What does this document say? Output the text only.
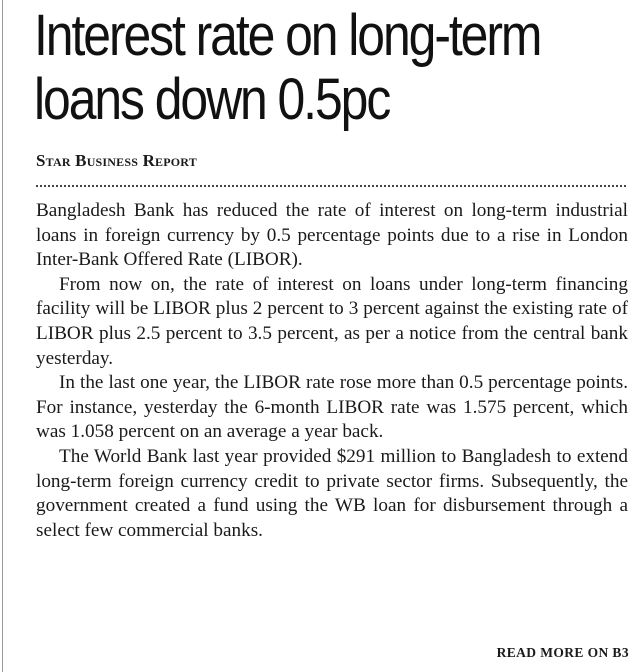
Interest rate on long-term
loans down 0.5pc
Star Business Report

Bangladesh Bank has reduced the rate of interest on long-term industrial loans in foreign currency by 0.5 percentage points due to a rise in London Inter-Bank Offered Rate (LIBOR).

From now on, the rate of interest on loans under long-term financing facility will be LIBOR plus 2 percent to 3 percent against the existing rate of LIBOR plus 2.5 percent to 3.5 percent, as per a notice from the central bank yesterday.

In the last one year, the LIBOR rate rose more than 0.5 percentage points. For instance, yesterday the 6-month LIBOR rate was 1.575 percent, which was 1.058 percent on an average a year back.

The World Bank last year provided $291 million to Bangladesh to extend long-term foreign currency credit to private sector firms. Subsequently, the government created a fund using the WB loan for disbursement through a select few commercial banks.

READ MORE ON B3
